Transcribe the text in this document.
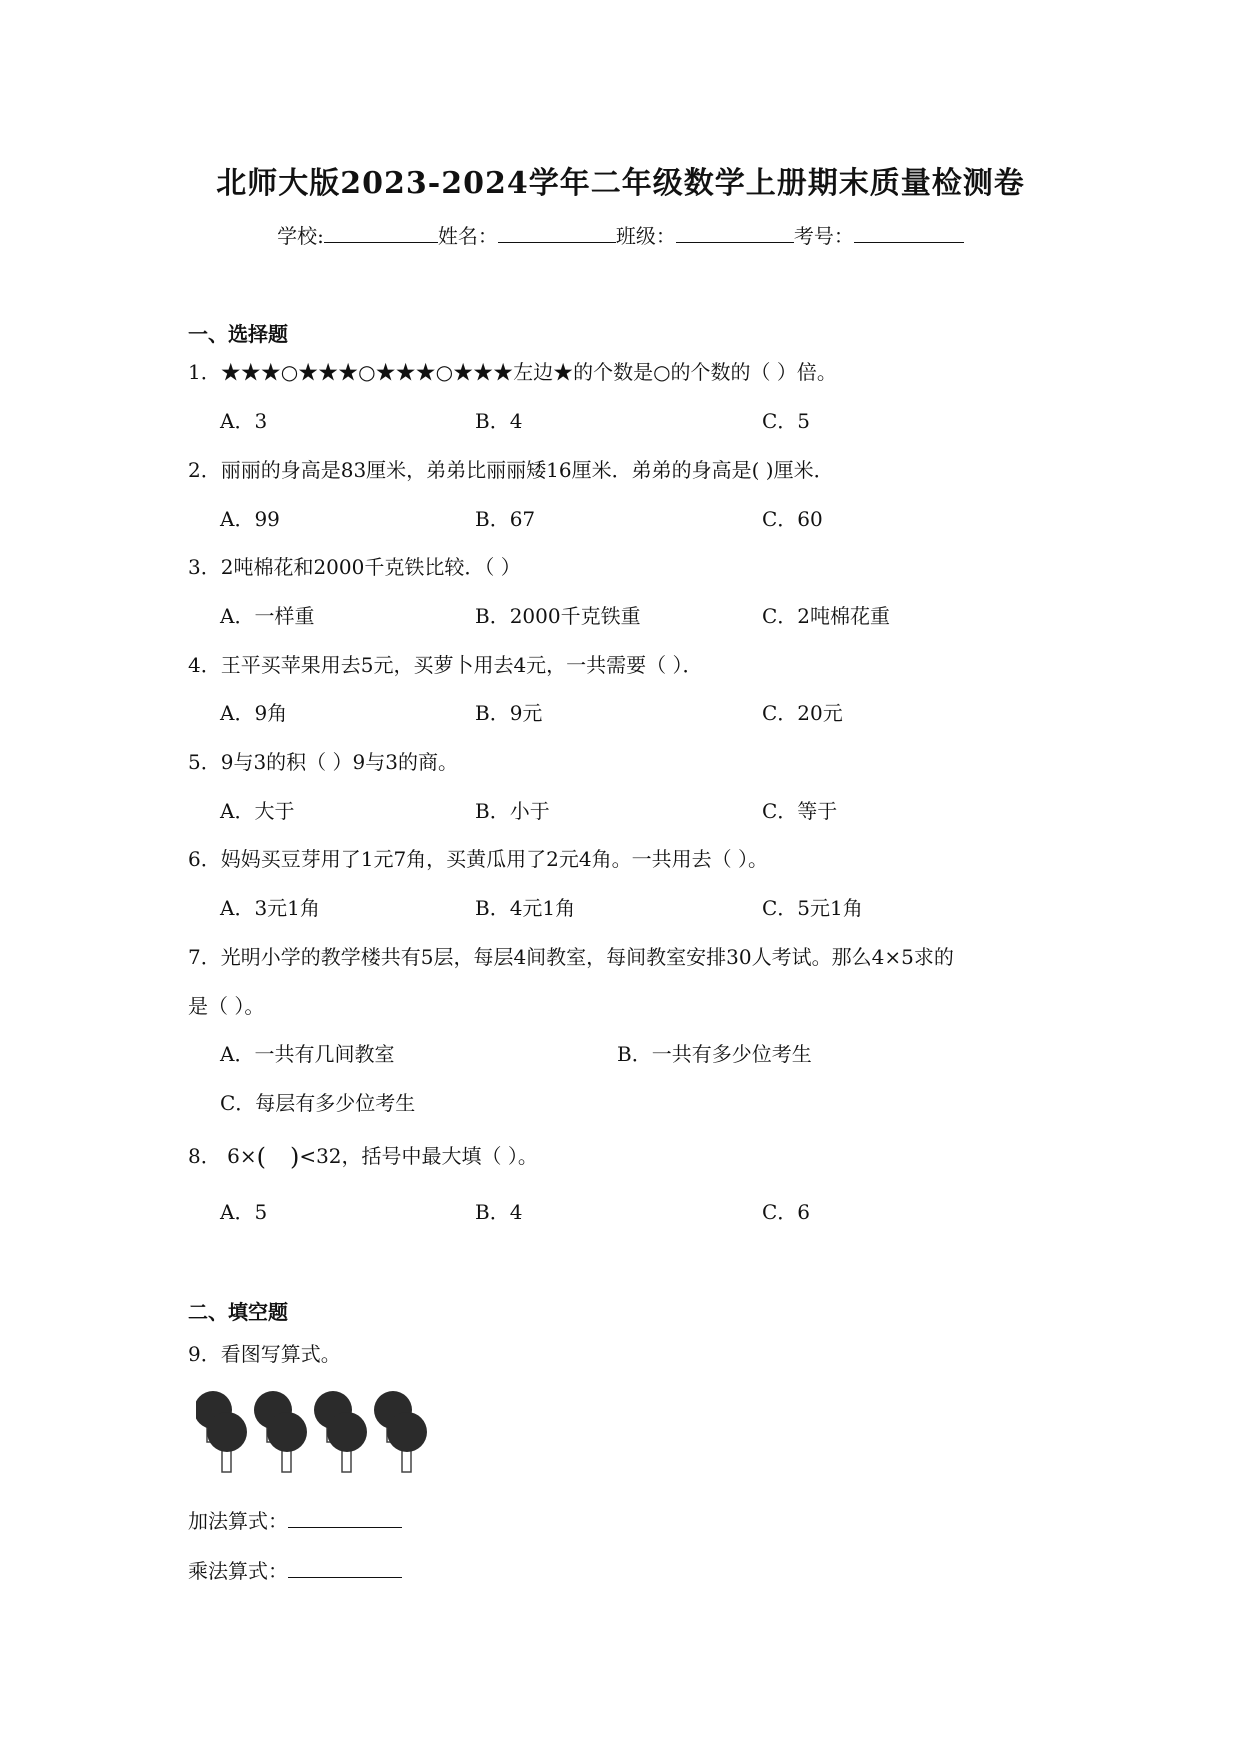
北师大版2023-2024学年二年级数学上册期末质量检测卷
学校:	姓名：	班级：	考号：
一、选择题
1．★★★○★★★○★★★○★★★左边★的个数是○的个数的（ ）倍。
A．3	B．4	C．5
2．丽丽的身高是83厘米，弟弟比丽丽矮16厘米．弟弟的身高是( )厘米．
A．99	B．67	C．60
3．2吨棉花和2000千克铁比较．（ ）
A．一样重	B．2000千克铁重	C．2吨棉花重
4．王平买苹果用去5元，买萝卜用去4元，一共需要（ ）．
A．9角	B．9元	C．20元
5．9与3的积（ ）9与3的商。
A．大于	B．小于	C．等于
6．妈妈买豆芽用了1元7角，买黄瓜用了2元4角。一共用去（ ）。
A．3元1角	B．4元1角	C．5元1角
7．光明小学的教学楼共有5层，每层4间教室，每间教室安排30人考试。那么4×5求的
是（ ）。
A．一共有几间教室	B．一共有多少位考生
C．每层有多少位考生
8． 6×(  )<32，括号中最大填（ ）。
A．5	B．4	C．6
二、填空题
9．看图写算式。
加法算式：
乘法算式：
